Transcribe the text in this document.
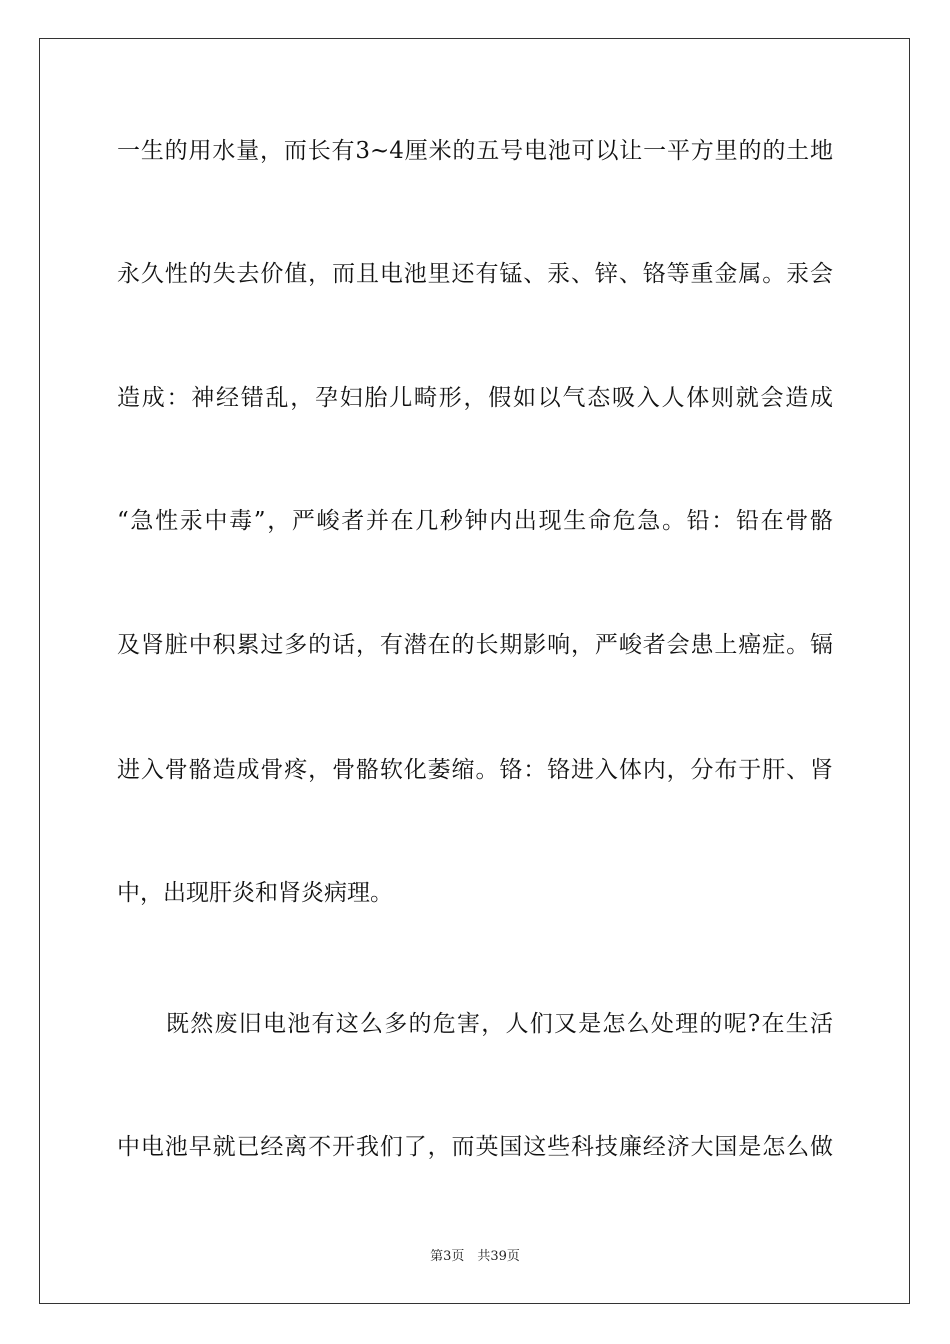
一生的用水量，而长有3~4厘米的五号电池可以让一平方里的的土地
永久性的失去价值，而且电池里还有锰、汞、锌、铬等重金属。汞会
造成：神经错乱，孕妇胎儿畸形，假如以气态吸入人体则就会造成
“急性汞中毒”，严峻者并在几秒钟内出现生命危急。铅：铅在骨骼
及肾脏中积累过多的话，有潜在的长期影响，严峻者会患上癌症。镉
进入骨骼造成骨疼，骨骼软化萎缩。铬：铬进入体内，分布于肝、肾
中，出现肝炎和肾炎病理。
既然废旧电池有这么多的危害，人们又是怎么处理的呢?在生活
中电池早就已经离不开我们了，而英国这些科技廉经济大国是怎么做
第3页　共39页
